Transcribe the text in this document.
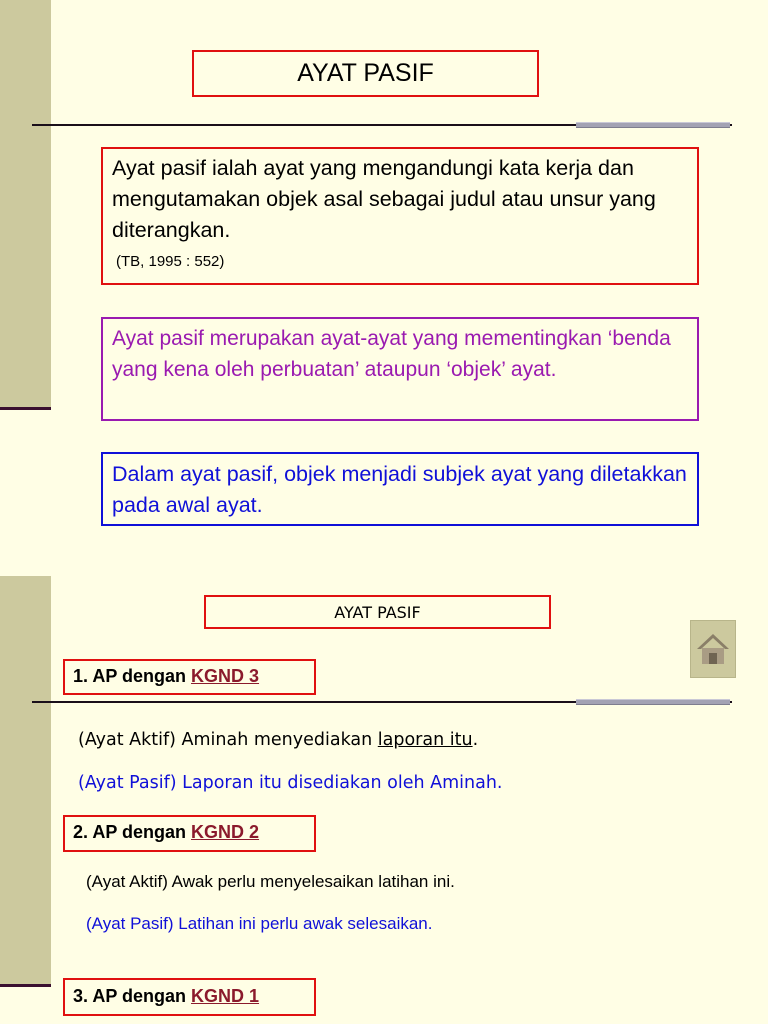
AYAT PASIF
Ayat pasif ialah ayat yang mengandungi kata kerja dan mengutamakan objek asal sebagai judul atau unsur yang diterangkan.
(TB, 1995 : 552)
Ayat pasif merupakan ayat-ayat yang mementingkan ‘benda yang kena oleh perbuatan’ ataupun ‘objek’ ayat.
Dalam ayat pasif, objek menjadi subjek ayat yang diletakkan pada awal ayat.
AYAT PASIF
1. AP dengan KGND 3
(Ayat Aktif) Aminah menyediakan laporan itu.
(Ayat Pasif) Laporan itu disediakan oleh Aminah.
2. AP dengan KGND 2
(Ayat Aktif) Awak perlu menyelesaikan latihan ini.
(Ayat Pasif) Latihan ini perlu awak selesaikan.
3. AP dengan KGND 1
